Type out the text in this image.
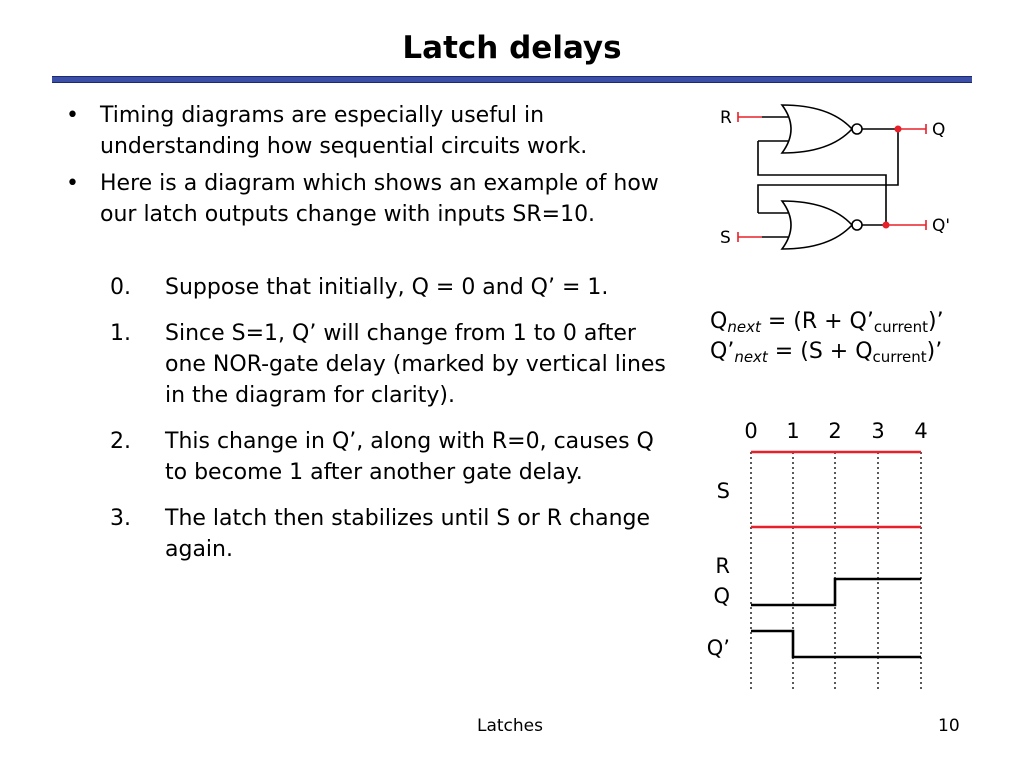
Latch delays
• Timing diagrams are especially useful in understanding how sequential circuits work.
• Here is a diagram which shows an example of how our latch outputs change with inputs SR=10.
0. Suppose that initially, Q = 0 and Q’ = 1.
1. Since S=1, Q’ will change from 1 to 0 after one NOR-gate delay (marked by vertical lines in the diagram for clarity).
2. This change in Q’, along with R=0, causes Q to become 1 after another gate delay.
3. The latch then stabilizes until S or R change again.
R
S
Q
Q'
$Q_{next} = (R$ + $Q’_{current}$)’
$Q’_{next} = (S + Q_{current})$’
0 1 2 3 4
S
R
Q
Q’
Latches	10
